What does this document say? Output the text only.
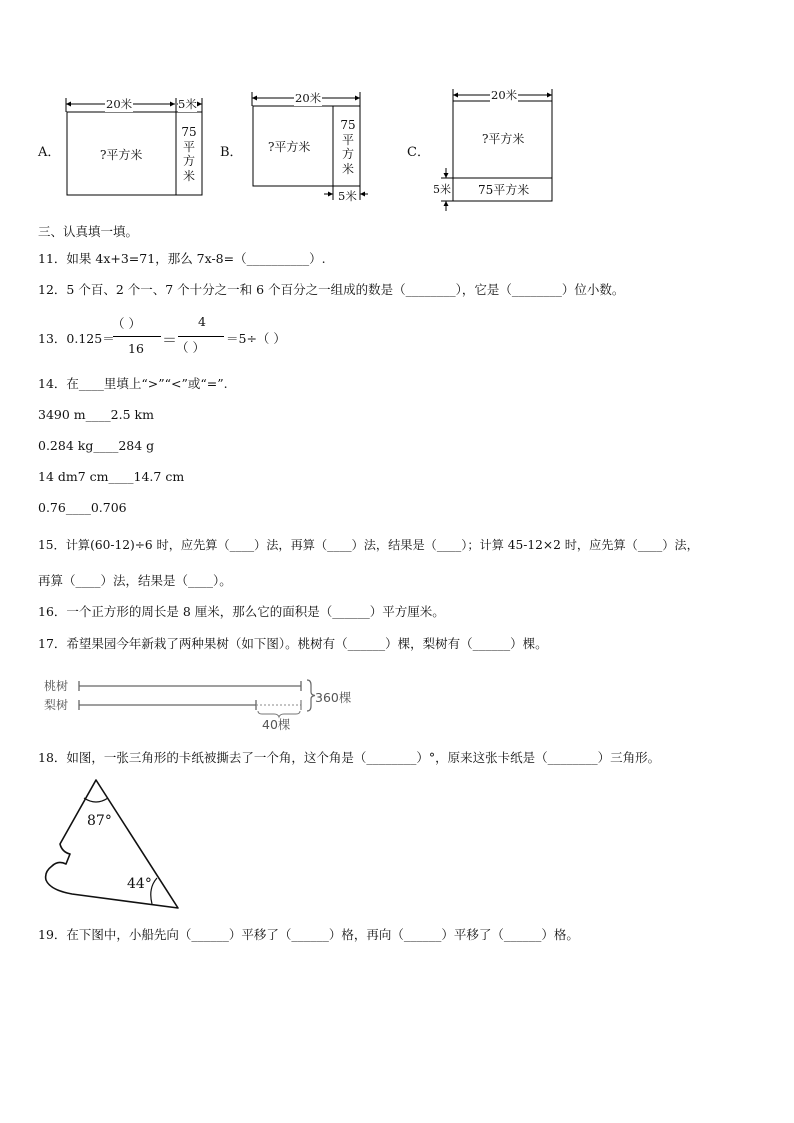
A．
20米	5米
?平方米
75
平
方
米
B．
20米
?平方米
75
平
方
米
5米
C．
20米
?平方米
5米 75平方米
三、认真填一填。
11．如果 4x+3=71，那么 7x-8=（__________）.
12．5 个百、2 个一、7 个十分之一和 6 个百分之一组成的数是（________），它是（________）位小数。
13．0.125＝
（ ）
16 ＝
4
（ ）
＝5÷（ ）
14．在____里填上“>”“<”或“=”.
3490 m____2.5 km
0.284 kg____284 g
14 dm7 cm____14.7 cm
0.76____0.706
15．计算(60-12)÷6 时，应先算（____）法，再算（____）法，结果是（____）；计算 45-12×2 时，应先算（____）法，
再算（____）法，结果是（____）。
16．一个正方形的周长是 8 厘米，那么它的面积是（______）平方厘米。
17．希望果园今年新栽了两种果树（如下图）。桃树有（______）棵，梨树有（______）棵。
桃树
梨树	360棵
40棵
18．如图，一张三角形的卡纸被撕去了一个角，这个角是（________）°，原来这张卡纸是（________）三角形。
87°
44°
19．在下图中，小船先向（______）平移了（______）格，再向（______）平移了（______）格。
